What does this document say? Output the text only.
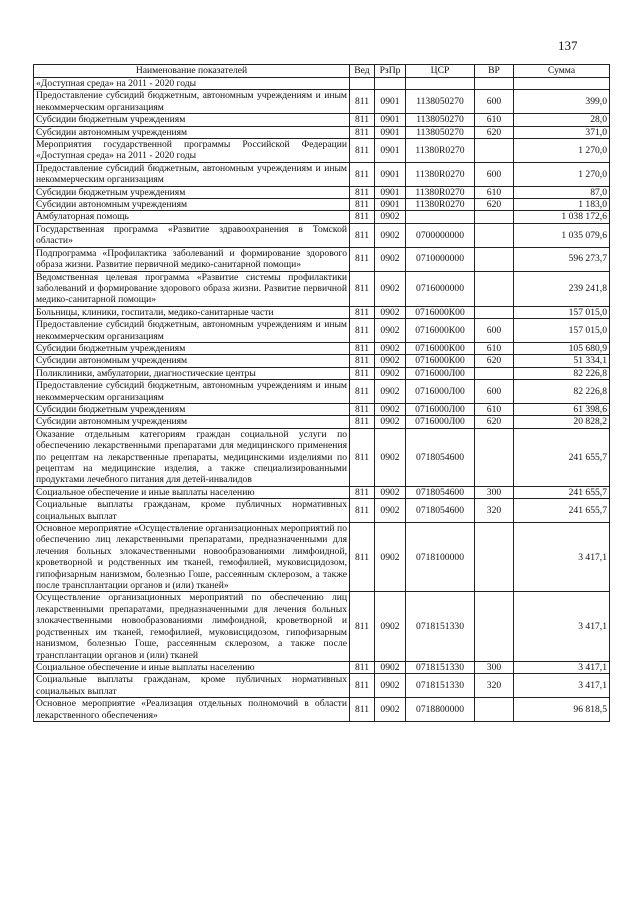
137
Наименование показателей	Вед	РзПр	ЦСР	ВР	Сумма
«Доступная среда» на 2011 - 2020 годы					
Предоставление субсидий бюджетным, автономным учреждениям и иным некоммерческим организациям	811	0901	1138050270	600	399,0
Субсидии бюджетным учреждениям	811	0901	1138050270	610	28,0
Субсидии автономным учреждениям	811	0901	1138050270	620	371,0
Мероприятия государственной программы Российской Федерации «Доступная среда» на 2011 - 2020 годы	811	0901	11380R0270		1 270,0
Предоставление субсидий бюджетным, автономным учреждениям и иным некоммерческим организациям	811	0901	11380R0270	600	1 270,0
Субсидии бюджетным учреждениям	811	0901	11380R0270	610	87,0
Субсидии автономным учреждениям	811	0901	11380R0270	620	1 183,0
Амбулаторная помощь	811	0902			1 038 172,6
Государственная программа «Развитие здравоохранения в Томской области»	811	0902	0700000000		1 035 079,6
Подпрограмма «Профилактика заболеваний и формирование здорового образа жизни. Развитие первичной медико-санитарной помощи»	811	0902	0710000000		596 273,7
Ведомственная целевая программа «Развитие системы профилактики заболеваний и формирование здорового образа жизни. Развитие первичной медико-санитарной помощи»	811	0902	0716000000		239 241,8
Больницы, клиники, госпитали, медико-санитарные части	811	0902	0716000К00		157 015,0
Предоставление субсидий бюджетным, автономным учреждениям и иным некоммерческим организациям	811	0902	0716000К00	600	157 015,0
Субсидии бюджетным учреждениям	811	0902	0716000К00	610	105 680,9
Субсидии автономным учреждениям	811	0902	0716000К00	620	51 334,1
Поликлиники, амбулатории, диагностические центры	811	0902	0716000Л00		82 226,8
Предоставление субсидий бюджетным, автономным учреждениям и иным некоммерческим организациям	811	0902	0716000Л00	600	82 226,8
Субсидии бюджетным учреждениям	811	0902	0716000Л00	610	61 398,6
Субсидии автономным учреждениям	811	0902	0716000Л00	620	20 828,2
Оказание отдельным категориям граждан социальной услуги по обеспечению лекарственными препаратами для медицинского применения по рецептам на лекарственные препараты, медицинскими изделиями по рецептам на медицинские изделия, а также специализированными продуктами лечебного питания для детей-инвалидов	811	0902	0718054600		241 655,7
Социальное обеспечение и иные выплаты населению	811	0902	0718054600	300	241 655,7
Социальные выплаты гражданам, кроме публичных нормативных социальных выплат	811	0902	0718054600	320	241 655,7
Основное мероприятие «Осуществление организационных мероприятий по обеспечению лиц лекарственными препаратами, предназначенными для лечения больных злокачественными новообразованиями лимфоидной, кроветворной и родственных им тканей, гемофилией, муковисцидозом, гипофизарным нанизмом, болезнью Гоше, рассеянным склерозом, а также после трансплантации органов и (или) тканей»	811	0902	0718100000		3 417,1
Осуществление организационных мероприятий по обеспечению лиц лекарственными препаратами, предназначенными для лечения больных злокачественными новообразованиями лимфоидной, кроветворной и родственных им тканей, гемофилией, муковисцидозом, гипофизарным нанизмом, болезнью Гоше, рассеянным склерозом, а также после трансплантации органов и (или) тканей	811	0902	0718151330		3 417,1
Социальное обеспечение и иные выплаты населению	811	0902	0718151330	300	3 417,1
Социальные выплаты гражданам, кроме публичных нормативных социальных выплат	811	0902	0718151330	320	3 417,1
Основное мероприятие «Реализация отдельных полномочий в области лекарственного обеспечения»	811	0902	0718800000		96 818,5
